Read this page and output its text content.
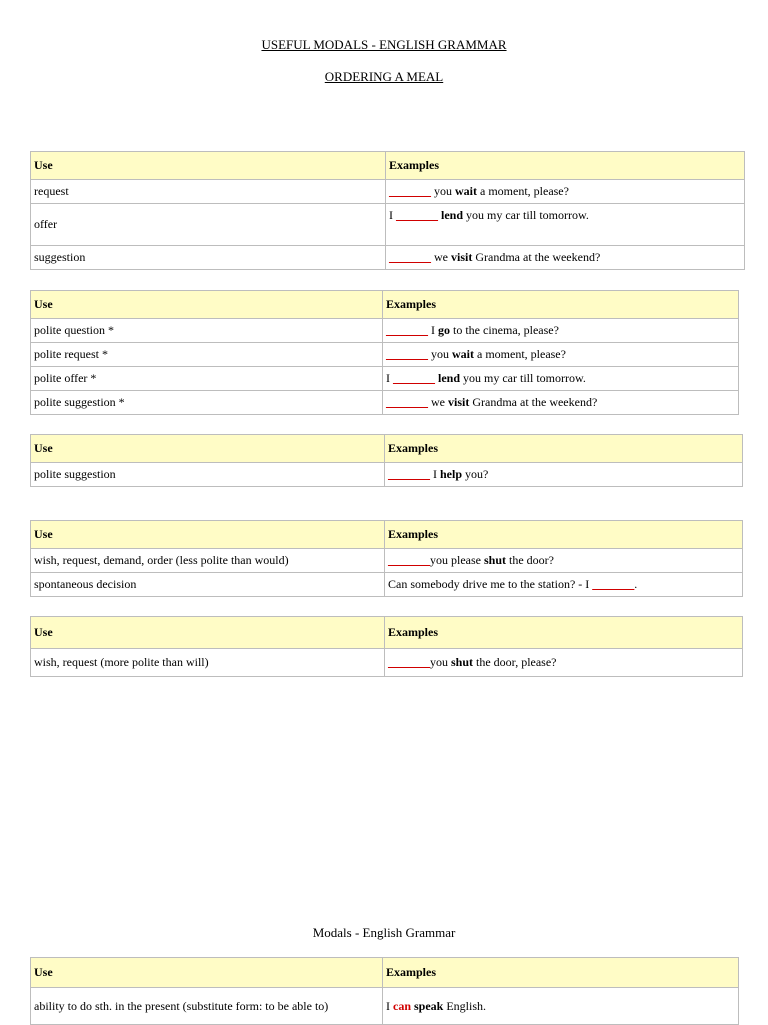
USEFUL MODALS - ENGLISH GRAMMAR
ORDERING A MEAL
Use	Examples
request	_______ you wait a moment, please?
offer	I _______ lend you my car till tomorrow.
suggestion	_______ we visit Grandma at the weekend?
Use	Examples
polite question *	_______ I go to the cinema, please?
polite request *	_______ you wait a moment, please?
polite offer *	I _______ lend you my car till tomorrow.
polite suggestion *	_______ we visit Grandma at the weekend?
Use	Examples
polite suggestion	_______ I help you?
Use	Examples
wish, request, demand, order (less polite than would)	_______you please shut the door?
spontaneous decision	Can somebody drive me to the station? - I _______.
Use	Examples
wish, request (more polite than will)	_______you shut the door, please?
Modals - English Grammar
Use	Examples
ability to do sth. in the present (substitute form: to be able to)	I can speak English.
